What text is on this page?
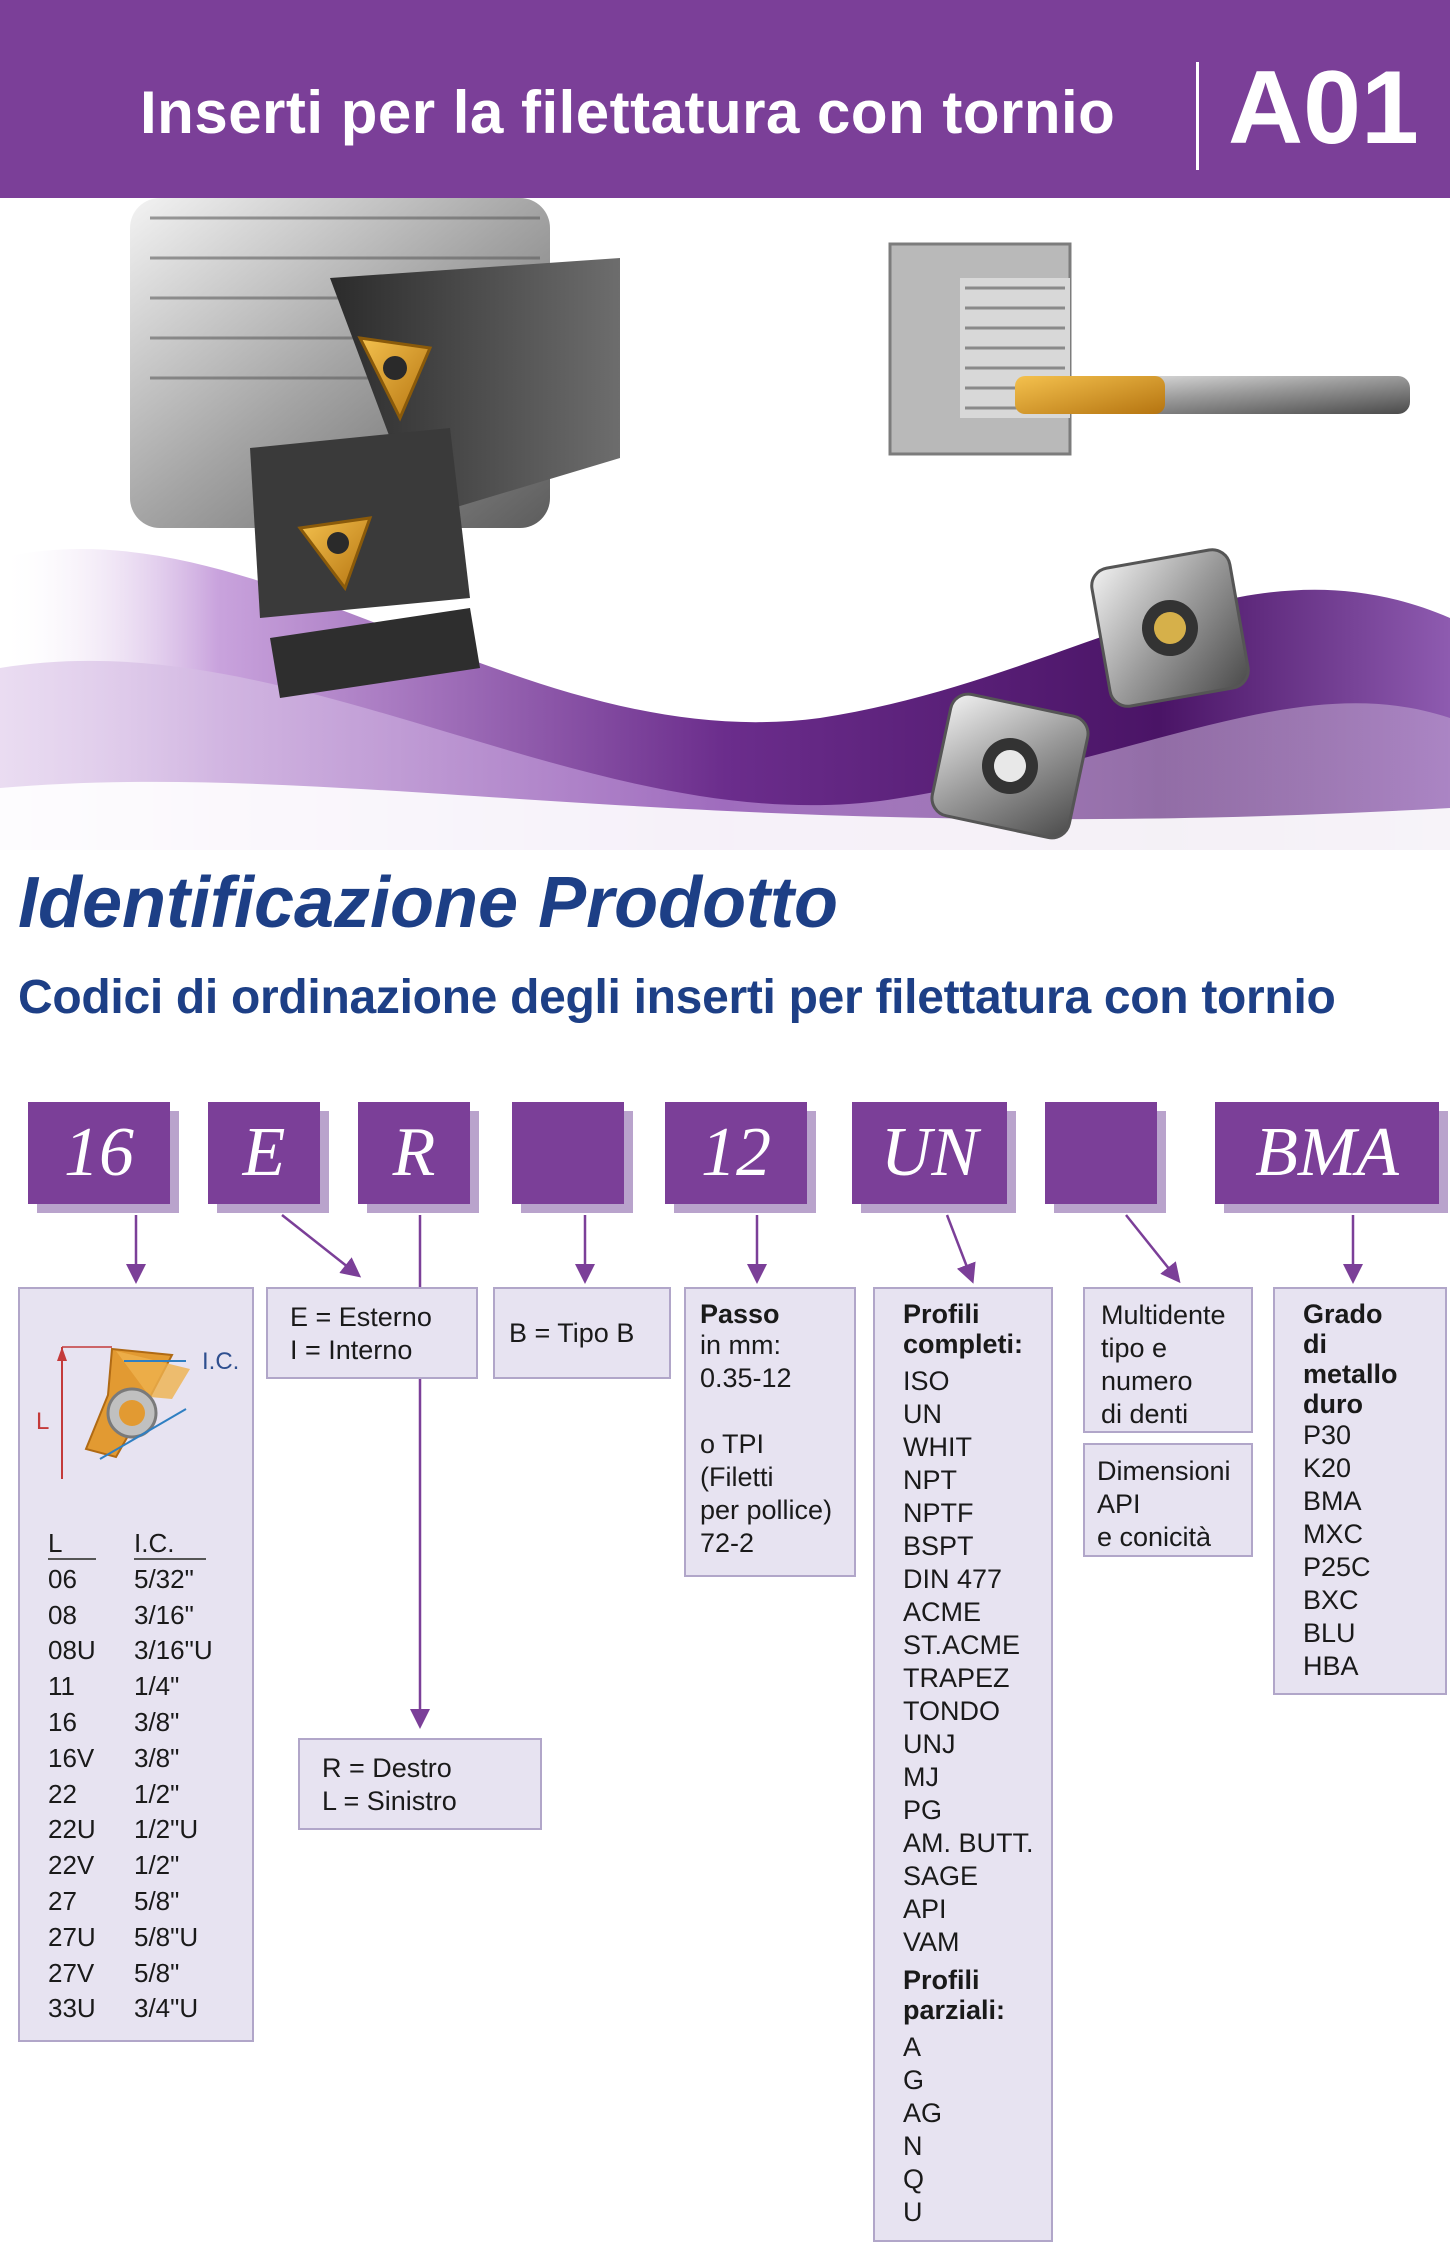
Inserti per la filettatura con tornio A01
Identificazione Prodotto
Codici di ordinazione degli inserti per filettatura con tornio
16	E	R	12	UN	BMA
L
I.C.
L	I.C.
06	5/32"
08	3/16"
08U	3/16"U
11	1/4"
16	3/8"
16V	3/8"
22	1/2"
22U	1/2"U
22V	1/2"
27	5/8"
27U	5/8"U
27V	5/8"
33U	3/4"U
E = Esterno
I = Interno
R = Destro
L = Sinistro
B = Tipo B
Passo
in mm:
0.35-12
o TPI
(Filetti
per pollice)
72-2
Profili
completi:
ISO
UN
WHIT
NPT
NPTF
BSPT
DIN 477
ACME
ST.ACME
TRAPEZ
TONDO
UNJ
MJ
PG
AM. BUTT.
SAGE
API
VAM
Profili
parziali:
A
G
AG
N
Q
U
Multidente
tipo e
numero
di denti
Dimensioni
API
e conicità
Grado
di
metallo
duro
P30
K20
BMA
MXC
P25C
BXC
BLU
HBA
